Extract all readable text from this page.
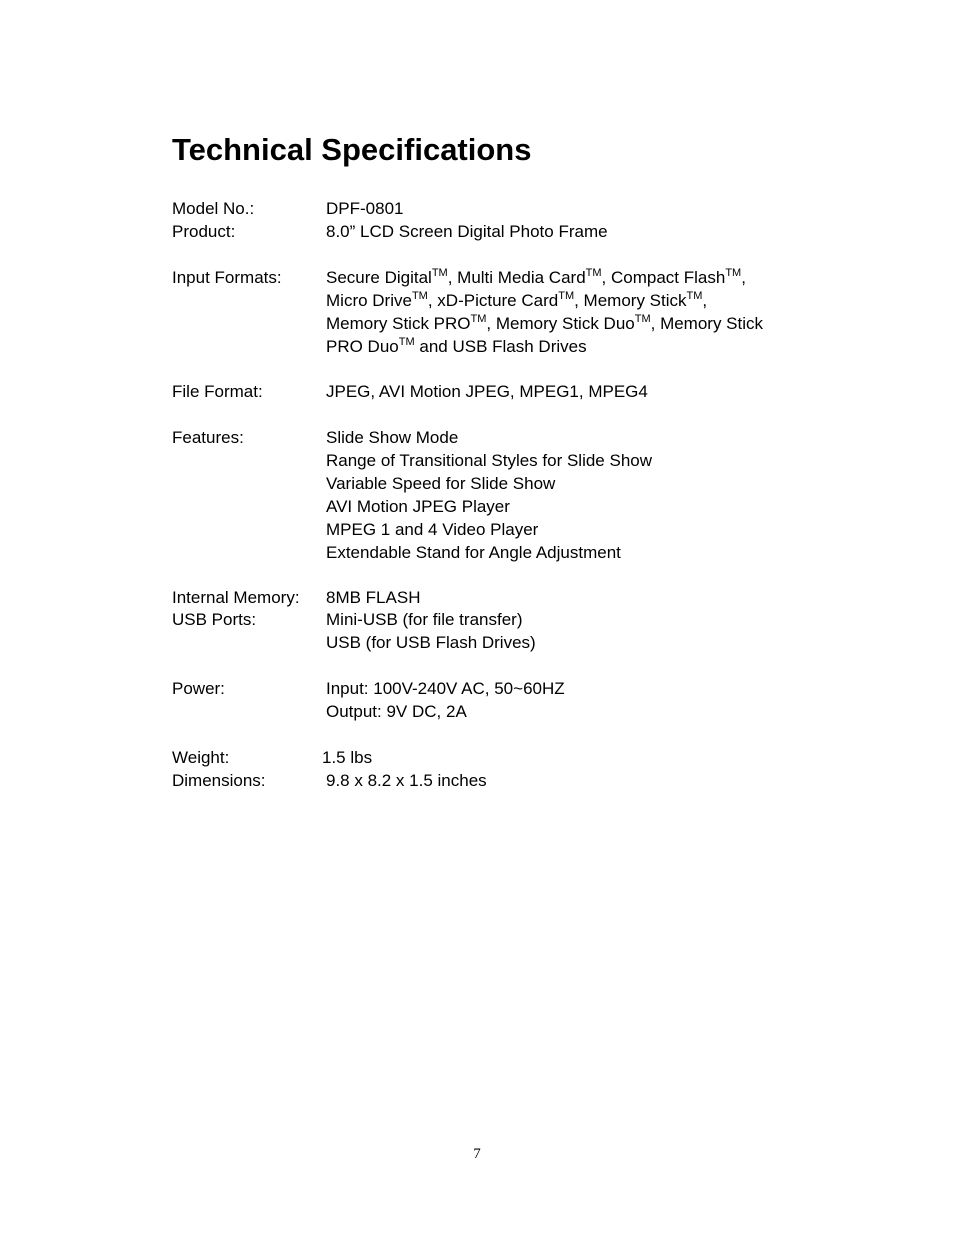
Technical Specifications
Model No.:	DPF-0801
Product:	8.0” LCD Screen Digital Photo Frame
Input Formats:	Secure Digital™, Multi Media Card™, Compact Flash™,
Micro Drive™, xD-Picture Card™, Memory Stick™,
Memory Stick PRO™, Memory Stick Duo™, Memory Stick
PRO Duo™ and USB Flash Drives
File Format:	JPEG, AVI Motion JPEG, MPEG1, MPEG4
Features:	Slide Show Mode
Range of Transitional Styles for Slide Show
Variable Speed for Slide Show
AVI Motion JPEG Player
MPEG 1 and 4 Video Player
Extendable Stand for Angle Adjustment
Internal Memory: 8MB FLASH
USB Ports:	Mini-USB (for file transfer)
USB (for USB Flash Drives)
Power:	Input: 100V-240V AC, 50~60HZ
Output: 9V DC, 2A
Weight:	1.5 lbs
Dimensions:	9.8 x 8.2 x 1.5 inches
7
